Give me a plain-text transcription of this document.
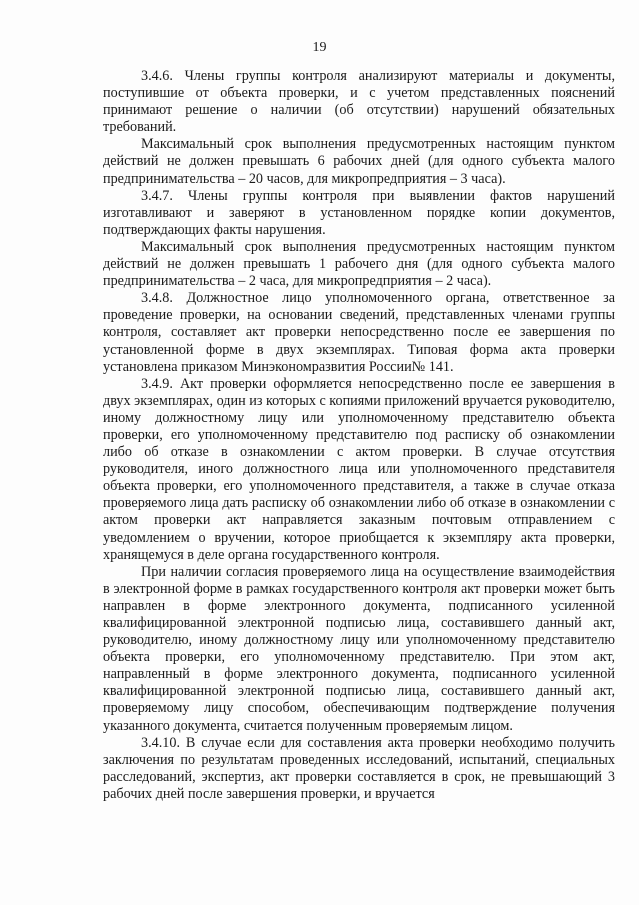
19

3.4.6. Члены группы контроля анализируют материалы и документы, поступившие от объекта проверки, и с учетом представленных пояснений принимают решение о наличии (об отсутствии) нарушений обязательных требований.

Максимальный срок выполнения предусмотренных настоящим пунктом действий не должен превышать 6 рабочих дней (для одного субъекта малого предпринимательства – 20 часов, для микропредприятия – 3 часа).

3.4.7. Члены группы контроля при выявлении фактов нарушений изготавливают и заверяют в установленном порядке копии документов, подтверждающих факты нарушения.

Максимальный срок выполнения предусмотренных настоящим пунктом действий не должен превышать 1 рабочего дня (для одного субъекта малого предпринимательства – 2 часа, для микропредприятия – 2 часа).

3.4.8. Должностное лицо уполномоченного органа, ответственное за проведение проверки, на основании сведений, представленных членами группы контроля, составляет акт проверки непосредственно после ее завершения по установленной форме в двух экземплярах. Типовая форма акта проверки установлена приказом Минэкономразвития России№ 141.

3.4.9. Акт проверки оформляется непосредственно после ее завершения в двух экземплярах, один из которых с копиями приложений вручается руководителю, иному должностному лицу или уполномоченному представителю объекта проверки, его уполномоченному представителю под расписку об ознакомлении либо об отказе в ознакомлении с актом проверки. В случае отсутствия руководителя, иного должностного лица или уполномоченного представителя объекта проверки, его уполномоченного представителя, а также в случае отказа проверяемого лица дать расписку об ознакомлении либо об отказе в ознакомлении с актом проверки акт направляется заказным почтовым отправлением с уведомлением о вручении, которое приобщается к экземпляру акта проверки, хранящемуся в деле органа государственного контроля.

При наличии согласия проверяемого лица на осуществление взаимодействия в электронной форме в рамках государственного контроля акт проверки может быть направлен в форме электронного документа, подписанного усиленной квалифицированной электронной подписью лица, составившего данный акт, руководителю, иному должностному лицу или уполномоченному представителю объекта проверки, его уполномоченному представителю. При этом акт, направленный в форме электронного документа, подписанного усиленной квалифицированной электронной подписью лица, составившего данный акт, проверяемому лицу способом, обеспечивающим подтверждение получения указанного документа, считается полученным проверяемым лицом.

3.4.10. В случае если для составления акта проверки необходимо получить заключения по результатам проведенных исследований, испытаний, специальных расследований, экспертиз, акт проверки составляется в срок, не превышающий 3 рабочих дней после завершения проверки, и вручается
